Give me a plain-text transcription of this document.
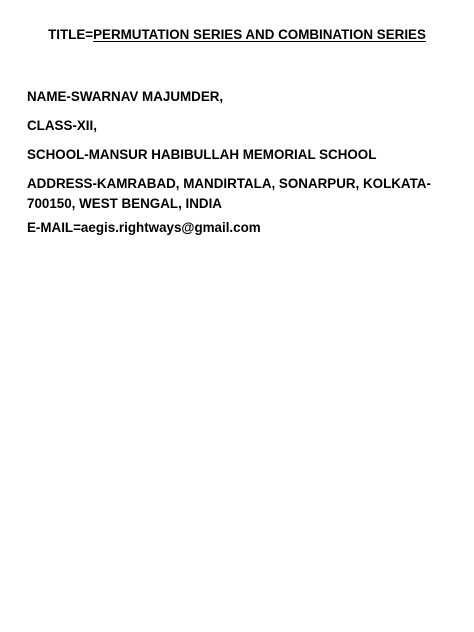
TITLE=PERMUTATION SERIES AND COMBINATION SERIES

NAME-SWARNAV MAJUMDER,

CLASS-XII,

SCHOOL-MANSUR HABIBULLAH MEMORIAL SCHOOL

ADDRESS-KAMRABAD, MANDIRTALA, SONARPUR, KOLKATA-700150, WEST BENGAL, INDIA

E-MAIL=aegis.rightways@gmail.com
